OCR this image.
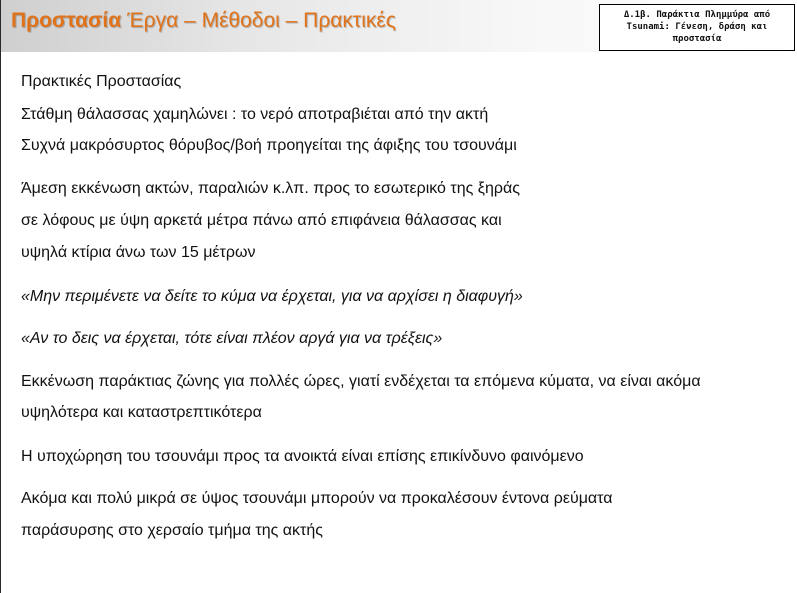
Προστασία Έργα – Μέθοδοι – Πρακτικές	Δ.1β. Παράκτια Πλημμύρα από
Tsunami: Γένεση, δράση και
προστασία
Πρακτικές Προστασίας
Στάθμη θάλασσας χαμηλώνει : το νερό αποτραβιέται από την ακτή
Συχνά μακρόσυρτος θόρυβος/βοή προηγείται της άφιξης του τσουνάμι
Άμεση εκκένωση ακτών, παραλιών κ.λπ. προς το εσωτερικό της ξηράς
σε λόφους με ύψη αρκετά μέτρα πάνω από επιφάνεια θάλασσας και
υψηλά κτίρια άνω των 15 μέτρων
«Μην περιμένετε να δείτε το κύμα να έρχεται, για να αρχίσει η διαφυγή»
«Αν το δεις να έρχεται, τότε είναι πλέον αργά για να τρέξεις»
Εκκένωση παράκτιας ζώνης για πολλές ώρες, γιατί ενδέχεται τα επόμενα κύματα, να είναι ακόμα
υψηλότερα και καταστρεπτικότερα
Η υποχώρηση του τσουνάμι προς τα ανοικτά είναι επίσης επικίνδυνο φαινόμενο
Ακόμα και πολύ μικρά σε ύψος τσουνάμι μπορούν να προκαλέσουν έντονα ρεύματα
παράσυρσης στο χερσαίο τμήμα της ακτής
